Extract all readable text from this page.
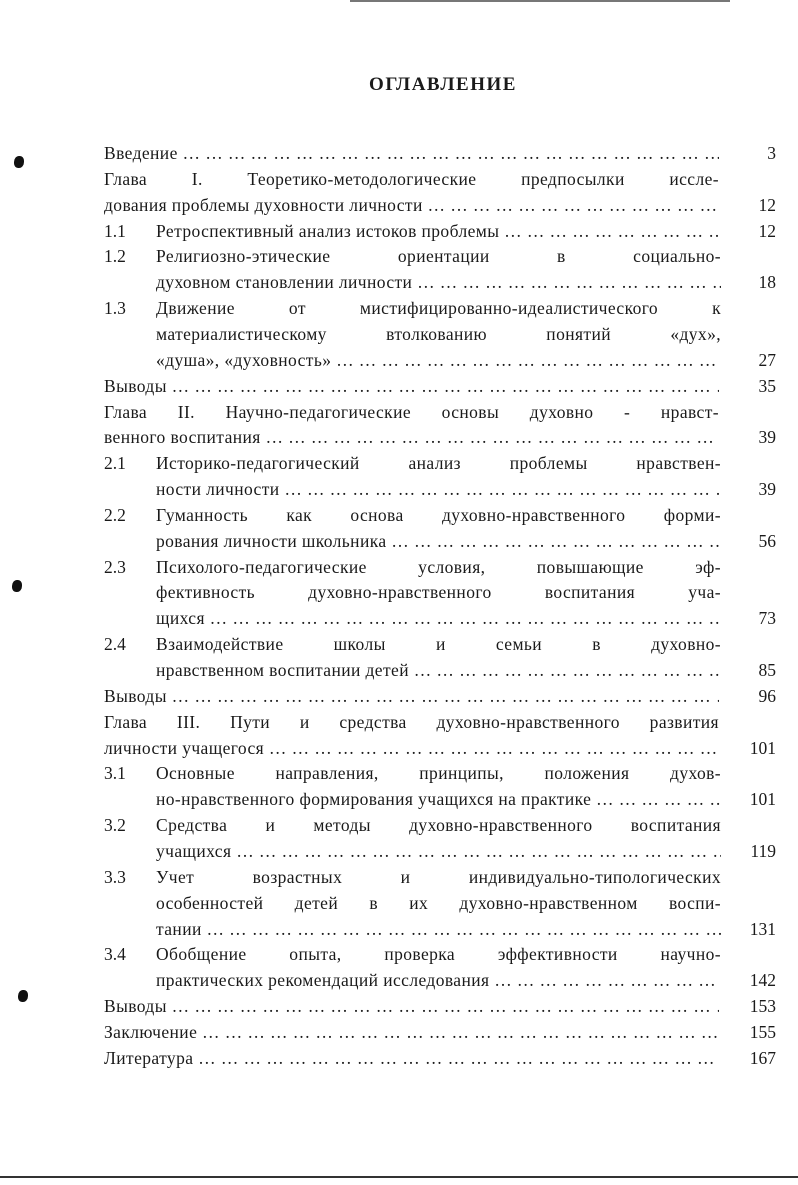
ОГЛАВЛЕНИЕ
Введение … … … … … … … … … … … … … … … … … … … … … … … … … … … … … … … … … … … … … … … …	3
Глава I. Теоретико-методологические предпосылки иссле-
дования проблемы духовности личности … … … … … … … … … … … … … … … … … … … … … … … … … … … … … … … … … … … … … … … …	12
1.1 Ретроспективный анализ истоков проблемы … … … … … … … … … … … … … … … … … … … … … … … … … … … … … … … … … … … … … … … …	12
1.2 Религиозно-этические ориентации в социально-
духовном становлении личности … … … … … … … … … … … … … … … … … … … … … … … … … … … … … … … … … … … … … … … …	18
1.3 Движение от мистифицированно-идеалистического к
материалистическому втолкованию понятий «дух»,
«душа», «духовность» … … … … … … … … … … … … … … … … … … … … … … … … … … … … … … … … … … … … … … … …	27
Выводы … … … … … … … … … … … … … … … … … … … … … … … … … … … … … … … … … … … … … … … …	35
Глава II. Научно-педагогические основы духовно - нравст-
венного воспитания … … … … … … … … … … … … … … … … … … … … … … … … … … … … … … … … … … … … … … … …	39
2.1 Историко-педагогический анализ проблемы нравствен-
ности личности … … … … … … … … … … … … … … … … … … … … … … … … … … … … … … … … … … … … … … … …	39
2.2 Гуманность как основа духовно-нравственного форми-
рования личности школьника … … … … … … … … … … … … … … … … … … … … … … … … … … … … … … … … … … … … … … … …	56
2.3 Психолого-педагогические условия, повышающие эф-
фективность духовно-нравственного воспитания уча-
щихся … … … … … … … … … … … … … … … … … … … … … … … … … … … … … … … … … … … … … … … …	73
2.4 Взаимодействие школы и семьи в духовно-
нравственном воспитании детей … … … … … … … … … … … … … … … … … … … … … … … … … … … … … … … … … … … … … … … …	85
Выводы … … … … … … … … … … … … … … … … … … … … … … … … … … … … … … … … … … … … … … … …	96
Глава III. Пути и средства духовно-нравственного развития
личности учащегося … … … … … … … … … … … … … … … … … … … … … … … … … … … … … … … … … … … … … … … …	101
3.1 Основные направления, принципы, положения духов-
но-нравственного формирования учащихся на практике … … … … … … … … … … … … … … … … … … … … … … … … … … … … … … … … … … … … … … … …	101
3.2 Средства и методы духовно-нравственного воспитания
учащихся … … … … … … … … … … … … … … … … … … … … … … … … … … … … … … … … … … … … … … … …	119
3.3 Учет возрастных и индивидуально-типологических
особенностей детей в их духовно-нравственном воспи-
тании … … … … … … … … … … … … … … … … … … … … … … … … … … … … … … … … … … … … … … … …	131
3.4 Обобщение опыта, проверка эффективности научно-
практических рекомендаций исследования … … … … … … … … … … … … … … … … … … … … … … … … … … … … … … … … … … … … … … … …	142
Выводы … … … … … … … … … … … … … … … … … … … … … … … … … … … … … … … … … … … … … … … …	153
Заключение … … … … … … … … … … … … … … … … … … … … … … … … … … … … … … … … … … … … … … … …	155
Литература … … … … … … … … … … … … … … … … … … … … … … … … … … … … … … … … … … … … … … … …	167
